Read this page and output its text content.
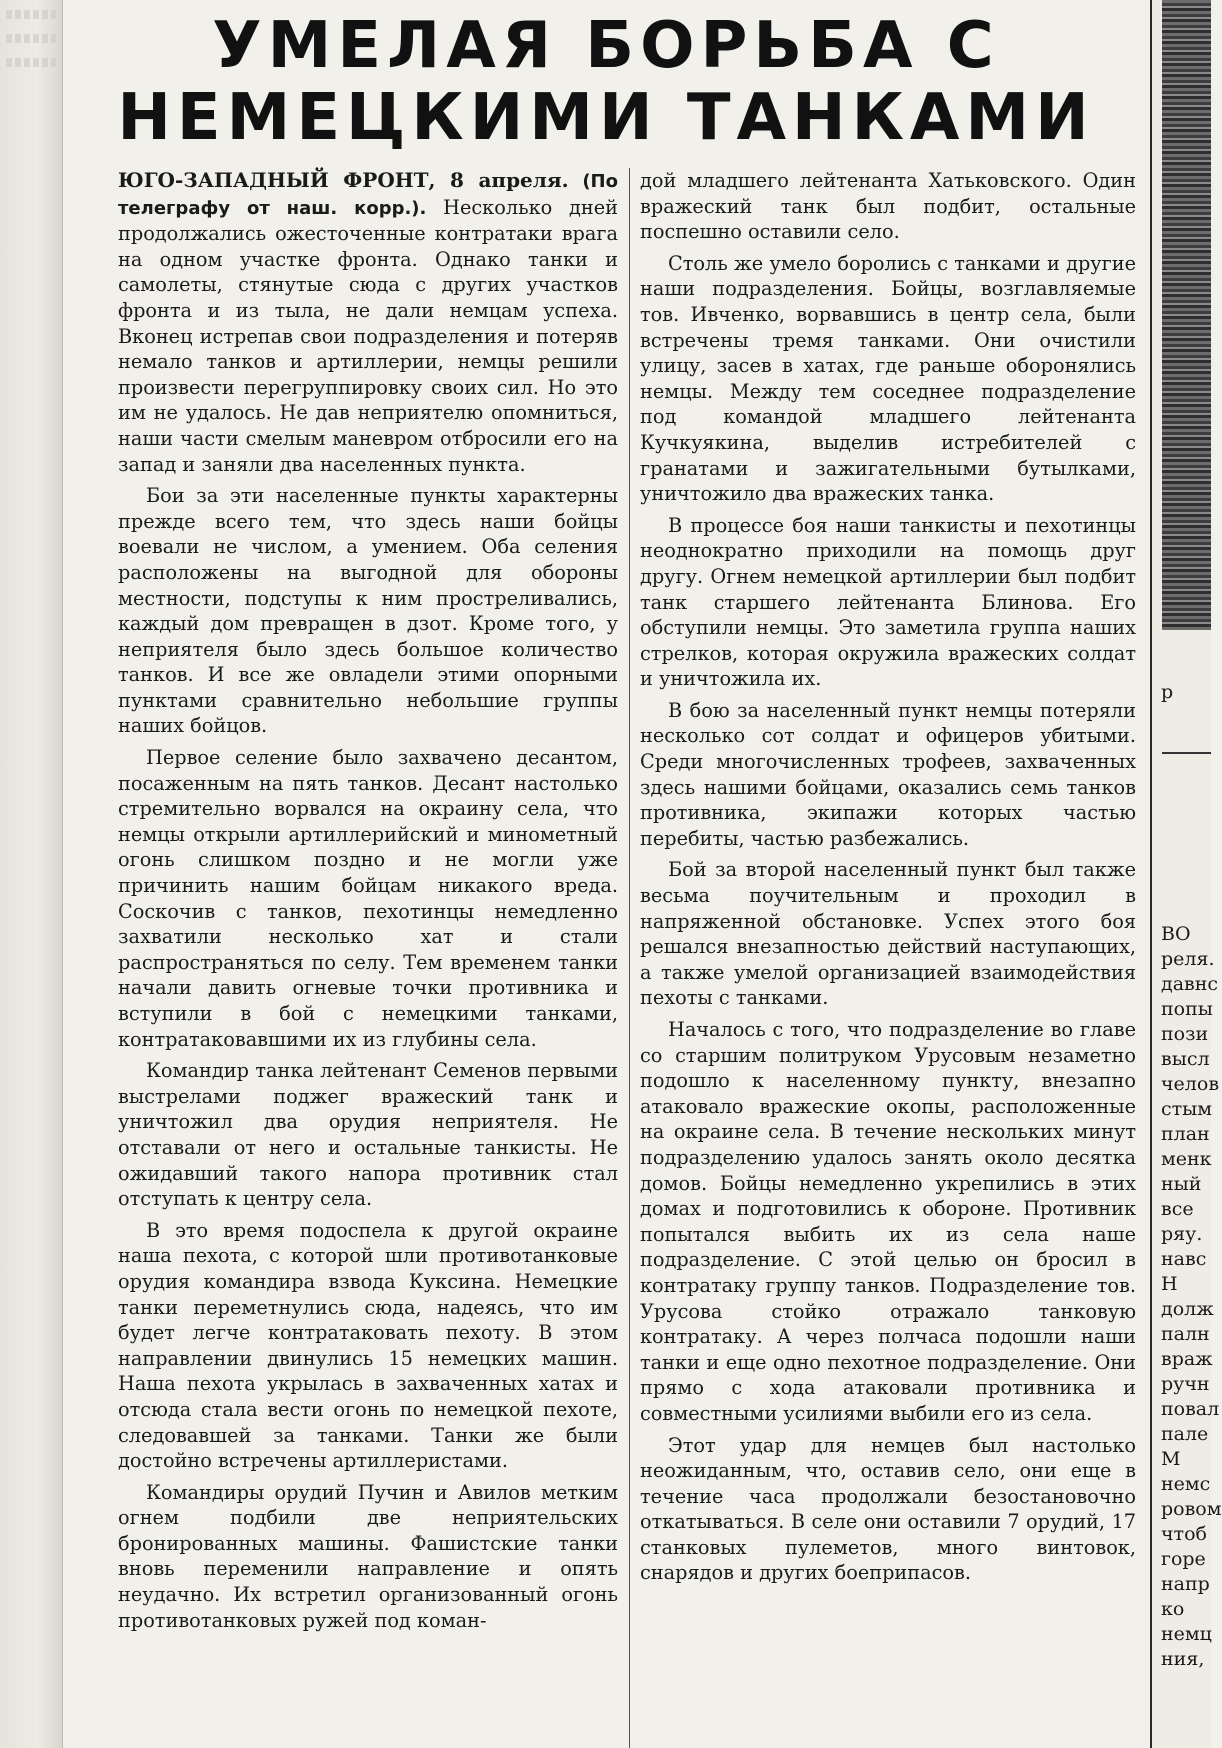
УМЕЛАЯ БОРЬБА С
НЕМЕЦКИМИ ТАНКАМИ

ЮГО-ЗАПАДНЫЙ ФРОНТ, 8 апреля. (По телеграфу от наш. корр.). Несколько дней продолжались ожесточенные контратаки врага на одном участке фронта. Однако танки и самолеты, стянутые сюда с других участков фронта и из тыла, не дали немцам успеха. Вконец истрепав свои подразделения и потеряв немало танков и артиллерии, немцы решили произвести перегруппировку своих сил. Но это им не удалось. Не дав неприятелю опомниться, наши части смелым маневром отбросили его на запад и заняли два населенных пункта.

Бои за эти населенные пункты характерны прежде всего тем, что здесь наши бойцы воевали не числом, а умением. Оба селения расположены на выгодной для обороны местности, подступы к ним простреливались, каждый дом превращен в дзот. Кроме того, у неприятеля было здесь большое количество танков. И все же овладели этими опорными пунктами сравнительно небольшие группы наших бойцов.

Первое селение было захвачено десантом, посаженным на пять танков. Десант настолько стремительно ворвался на окраину села, что немцы открыли артиллерийский и минометный огонь слишком поздно и не могли уже причинить нашим бойцам никакого вреда. Соскочив с танков, пехотинцы немедленно захватили несколько хат и стали распространяться по селу. Тем временем танки начали давить огневые точки противника и вступили в бой с немецкими танками, контратаковавшими их из глубины села.

Командир танка лейтенант Семенов первыми выстрелами поджег вражеский танк и уничтожил два орудия неприятеля. Не отставали от него и остальные танкисты. Не ожидавший такого напора противник стал отступать к центру села.

В это время подоспела к другой окраине наша пехота, с которой шли противотанковые орудия командира взвода Куксина. Немецкие танки переметнулись сюда, надеясь, что им будет легче контратаковать пехоту. В этом направлении двинулись 15 немецких машин. Наша пехота укрылась в захваченных хатах и отсюда стала вести огонь по немецкой пехоте, следовавшей за танками. Танки же были достойно встречены артиллеристами.

Командиры орудий Пучин и Авилов метким огнем подбили две неприятельских бронированных машины. Фашистские танки вновь переменили направление и опять неудачно. Их встретил организованный огонь противотанковых ружей под коман-

дой младшего лейтенанта Хатьковского. Один вражеский танк был подбит, остальные поспешно оставили село.

Столь же умело боролись с танками и другие наши подразделения. Бойцы, возглавляемые тов. Ивченко, ворвавшись в центр села, были встречены тремя танками. Они очистили улицу, засев в хатах, где раньше оборонялись немцы. Между тем соседнее подразделение под командой младшего лейтенанта Кучкуякина, выделив истребителей с гранатами и зажигательными бутылками, уничтожило два вражеских танка.

В процессе боя наши танкисты и пехотинцы неоднократно приходили на помощь друг другу. Огнем немецкой артиллерии был подбит танк старшего лейтенанта Блинова. Его обступили немцы. Это заметила группа наших стрелков, которая окружила вражеских солдат и уничтожила их.

В бою за населенный пункт немцы потеряли несколько сот солдат и офицеров убитыми. Среди многочисленных трофеев, захваченных здесь нашими бойцами, оказались семь танков противника, экипажи которых частью перебиты, частью разбежались.

Бой за второй населенный пункт был также весьма поучительным и проходил в напряженной обстановке. Успех этого боя решался внезапностью действий наступающих, а также умелой организацией взаимодействия пехоты с танками.

Началось с того, что подразделение во главе со старшим политруком Урусовым незаметно подошло к населенному пункту, внезапно атаковало вражеские окопы, расположенные на окраине села. В течение нескольких минут подразделению удалось занять около десятка домов. Бойцы немедленно укрепились в этих домах и подготовились к обороне. Противник попытался выбить их из села наше подразделение. С этой целью он бросил в контратаку группу танков. Подразделение тов. Урусова стойко отражало танковую контратаку. А через полчаса подошли наши танки и еще одно пехотное подразделение. Они прямо с хода атаковали противника и совместными усилиями выбили его из села.

Этот удар для немцев был настолько неожиданным, что, оставив село, они еще в течение часа продолжали безостановочно откатываться. В селе они оставили 7 орудий, 17 станковых пулеметов, много винтовок, снарядов и других боеприпасов.

р
ВО
реля.
давнс
попы
пози
выcл
челов
стым
план
менк
ный
все
ряу.
навс
Н
долж
палн
враж
ручн
повал
пале
М
немс
ровом
чтоб
горе
напр
ко
немц
ния,
